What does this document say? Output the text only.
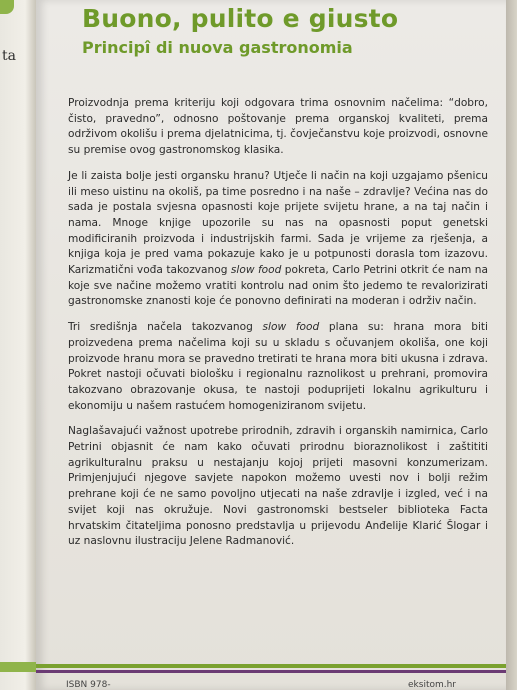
ta
Buono, pulito e giusto
Principî di nuova gastronomia

Proizvodnja prema kriteriju koji odgovara trima osnovnim načelima: “dobro, čisto, pravedno”, odnosno poštovanje prema organskoj kvaliteti, prema održivom okolišu i prema djelatnicima, tj. čovječanstvu koje proizvodi, osnovne su premise ovog gastronomskog klasika.

Je li zaista bolje jesti organsku hranu? Utječe li način na koji uzgajamo pšenicu ili meso uistinu na okoliš, pa time posredno i na naše – zdravlje? Većina nas do sada je postala svjesna opasnosti koje prijete svijetu hrane, a na taj način i nama. Mnoge knjige upozorile su nas na opasnosti poput genetski modificiranih proizvoda i industrijskih farmi. Sada je vrijeme za rješenja, a knjiga koja je pred vama pokazuje kako je u potpunosti dorasla tom izazovu. Karizmatični vođa takozvanog slow food pokreta, Carlo Petrini otkrit će nam na koje sve načine možemo vratiti kontrolu nad onim što jedemo te revalorizirati gastronomske znanosti koje će ponovno definirati na moderan i održiv način.

Tri središnja načela takozvanog slow food plana su: hrana mora biti proizvedena prema načelima koji su u skladu s očuvanjem okoliša, one koji proizvode hranu mora se pravedno tretirati te hrana mora biti ukusna i zdrava. Pokret nastoji očuvati biološku i regionalnu raznolikost u prehrani, promovira takozvano obrazovanje okusa, te nastoji poduprijeti lokalnu agrikulturu i ekonomiju u našem rastućem homogeniziranom svijetu.

Naglašavajući važnost upotrebe prirodnih, zdravih i organskih namirnica, Carlo Petrini objasnit će nam kako očuvati prirodnu bioraznolikost i zaštititi agrikulturalnu praksu u nestajanju kojoj prijeti masovni konzumerizam. Primjenjujući njegove savjete napokon možemo uvesti nov i bolji režim prehrane koji će ne samo povoljno utjecati na naše zdravlje i izgled, već i na svijet koji nas okružuje. Novi gastronomski bestseler biblioteka Facta hrvatskim čitateljima ponosno predstavlja u prijevodu Anđelije Klarić Šlogar i uz naslovnu ilustraciju Jelene Radmanović.

ISBN 978-	eksitom.hr
